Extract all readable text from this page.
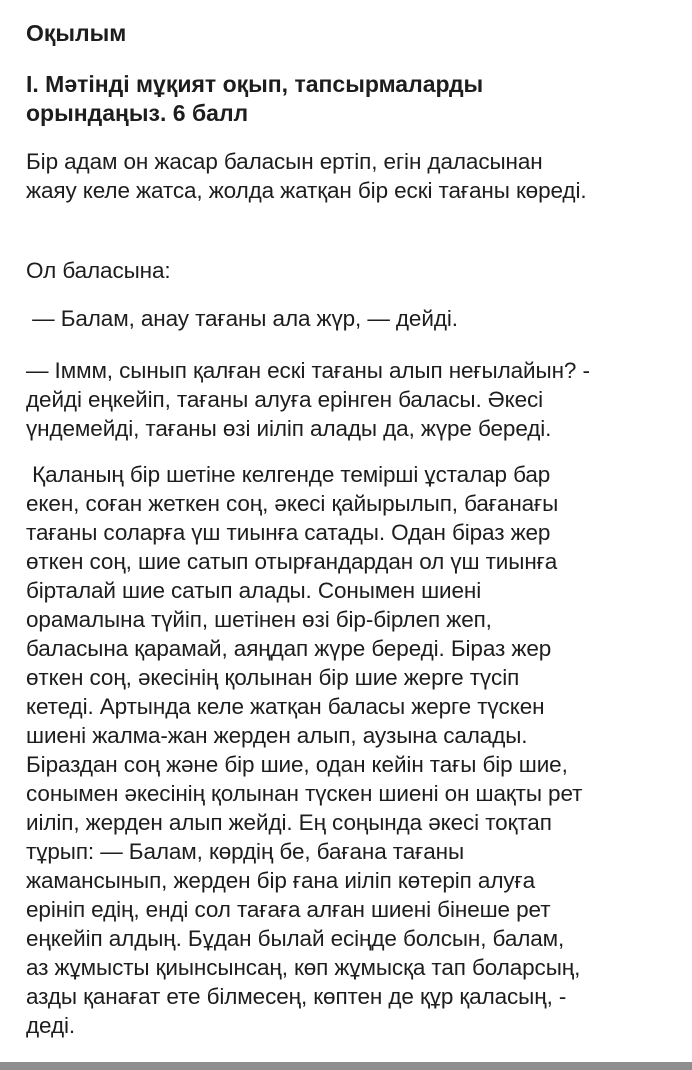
Оқылым
I. Мәтінді мұқият оқып, тапсырмаларды
орындаңыз. 6 балл
Бір адам он жасар баласын ертіп, егін даласынан
жаяу келе жатса, жолда жатқан бір ескі тағаны көреді.
Ол баласына:
— Балам, анау тағаны ала жүр, — дейді.
— Іммм, сынып қалған ескі тағаны алып неғылайын? -
дейді еңкейіп, тағаны алуға ерінген баласы. Әкесі
үндемейді, тағаны өзі иіліп алады да, жүре береді.
Қаланың бір шетіне келгенде темірші ұсталар бар
екен, соған жеткен соң, әкесі қайырылып, бағанағы
тағаны соларға үш тиынға сатады. Одан біраз жер
өткен соң, шие сатып отырғандардан ол үш тиынға
бірталай шие сатып алады. Сонымен шиені
орамалына түйіп, шетінен өзі бір-бірлеп жеп,
баласына қарамай, аяңдап жүре береді. Біраз жер
өткен соң, әкесінің қолынан бір шие жерге түсіп
кетеді. Артында келе жатқан баласы жерге түскен
шиені жалма-жан жерден алып, аузына салады.
Біраздан соң және бір шие, одан кейін тағы бір шие,
сонымен әкесінің қолынан түскен шиені он шақты рет
иіліп, жерден алып жейді. Ең соңында әкесі тоқтап
тұрып: — Балам, көрдің бе, бағана тағаны
жамансынып, жерден бір ғана иіліп көтеріп алуға
ерініп едің, енді сол тағаға алған шиені бінеше рет
еңкейіп алдың. Бұдан былай есіңде болсын, балам,
аз жұмысты қиынсынсаң, көп жұмысқа тап боларсың,
азды қанағат ете білмесең, көптен де құр қаласың, -
деді.
